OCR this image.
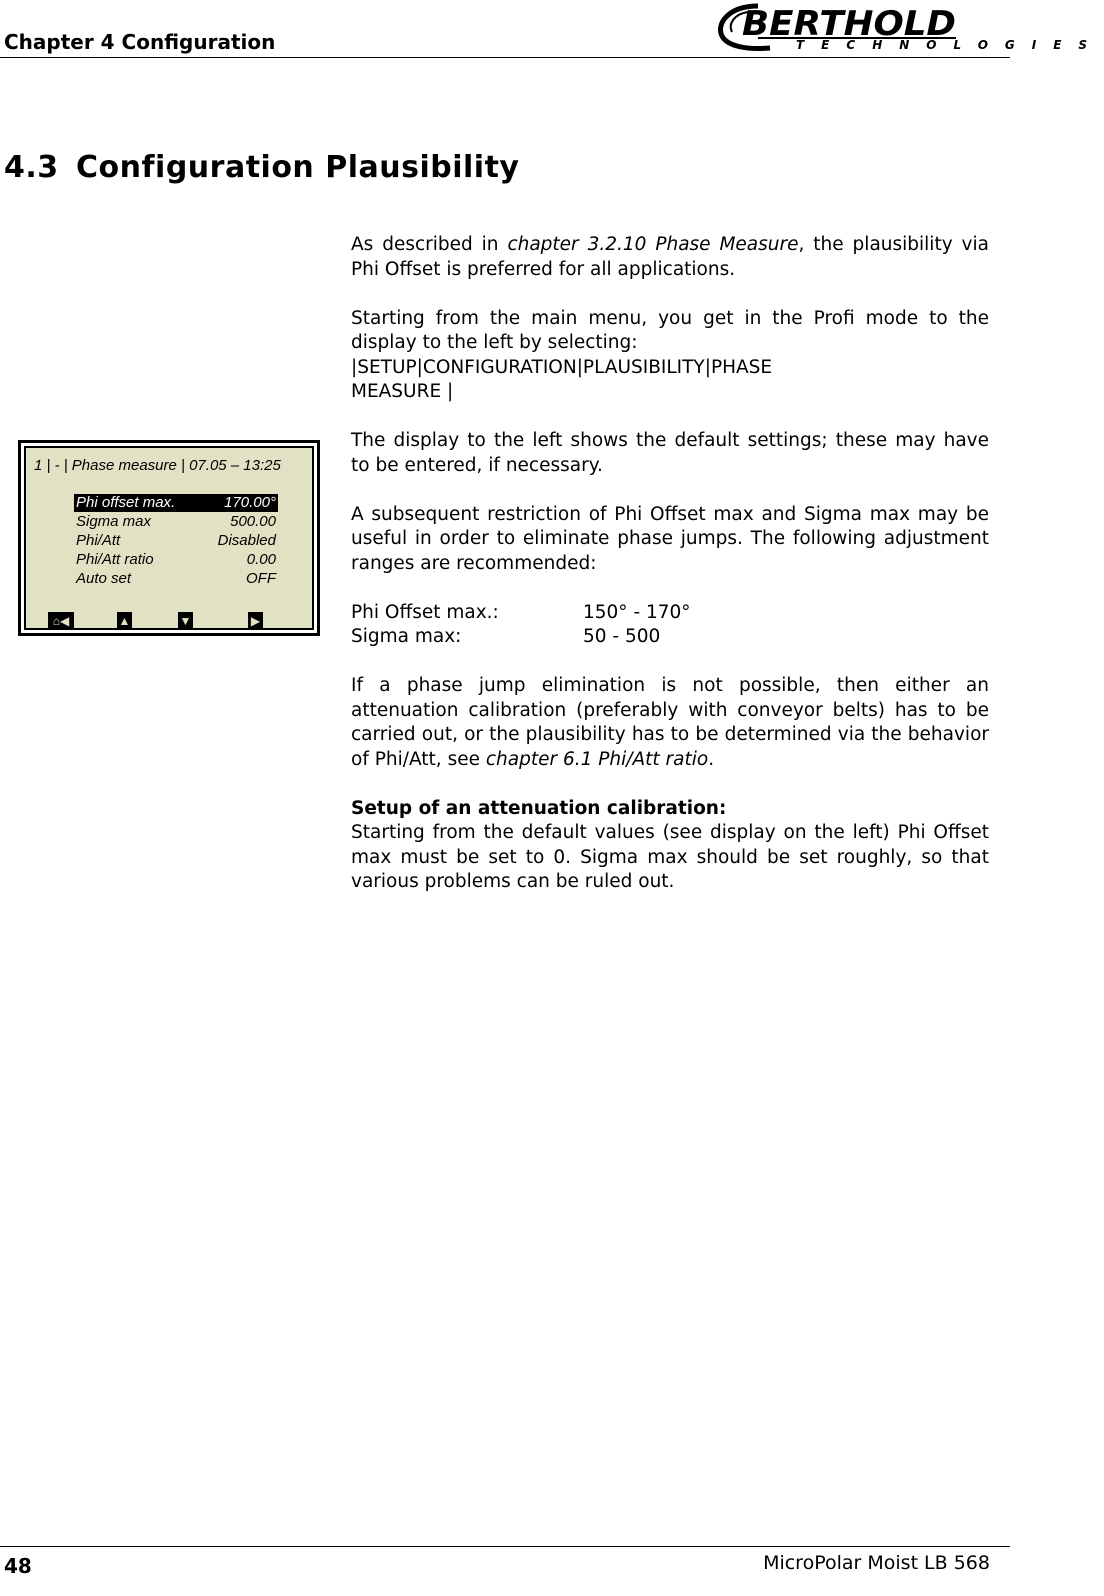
Chapter 4 Configuration	BERTHOLD
TECHNOLOGIES
4.3 Configuration Plausibility
1 | - | Phase measure | 07.05 – 13:25
Phi offset max.	170.00°
Sigma max	500.00
Phi/Att	Disabled
Phi/Att ratio	0.00
Auto set	OFF
⌂◀	▲	▼	▶

As described in chapter 3.2.10 Phase Measure, the plausibility via Phi Offset is preferred for all applications.

Starting from the main menu, you get in the Profi mode to the display to the left by selecting:
|SETUP|CONFIGURATION|PLAUSIBILITY|PHASE
MEASURE |

The display to the left shows the default settings; these may have to be entered, if necessary.

A subsequent restriction of Phi Offset max and Sigma max may be useful in order to eliminate phase jumps. The following adjustment ranges are recommended:

Phi Offset max.:	150° - 170°
Sigma max:	50 - 500

If a phase jump elimination is not possible, then either an attenuation calibration (preferably with conveyor belts) has to be carried out, or the plausibility has to be determined via the behavior of Phi/Att, see chapter 6.1 Phi/Att ratio.

Setup of an attenuation calibration:
Starting from the default values (see display on the left) Phi Offset max must be set to 0. Sigma max should be set roughly, so that various problems can be ruled out.

48	MicroPolar Moist LB 568
